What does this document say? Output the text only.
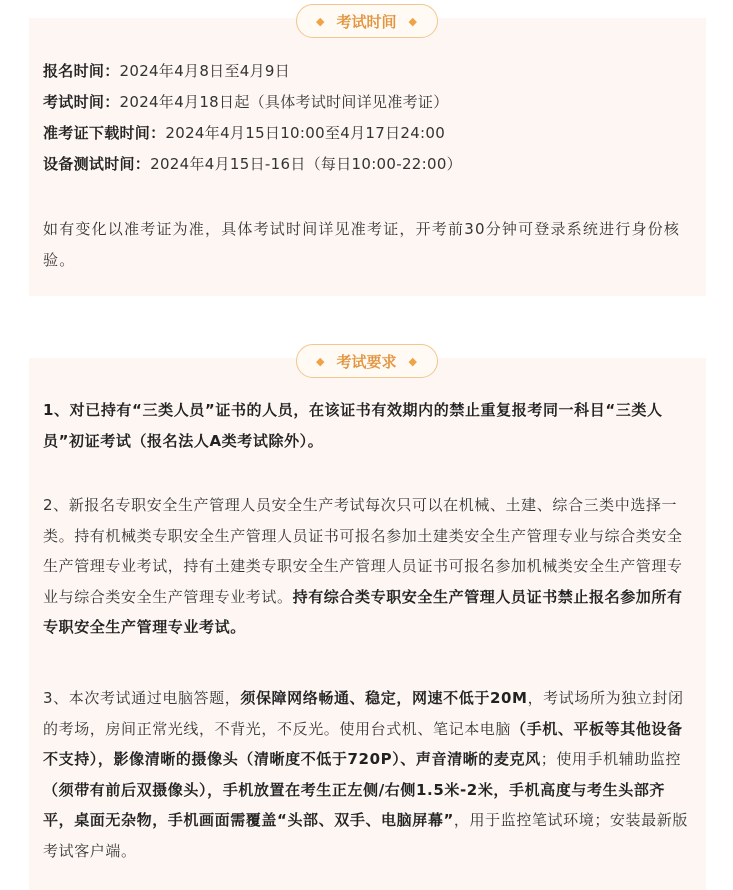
◆ 考试时间 ◆
报名时间：2024年4月8日至4月9日
考试时间：2024年4月18日起（具体考试时间详见准考证）
准考证下载时间：2024年4月15日10:00至4月17日24:00
设备测试时间：2024年4月15日-16日（每日10:00-22:00）

如有变化以准考证为准，具体考试时间详见准考证，开考前30分钟可登录系统进行身份核验。

◆ 考试要求 ◆

1、对已持有“三类人员”证书的人员，在该证书有效期内的禁止重复报考同一科目“三类人员”初证考试（报名法人A类考试除外）。

2、新报名专职安全生产管理人员安全生产考试每次只可以在机械、土建、综合三类中选择一类。持有机械类专职安全生产管理人员证书可报名参加土建类安全生产管理专业与综合类安全生产管理专业考试，持有土建类专职安全生产管理人员证书可报名参加机械类安全生产管理专业与综合类安全生产管理专业考试。持有综合类专职安全生产管理人员证书禁止报名参加所有专职安全生产管理专业考试。

3、本次考试通过电脑答题，须保障网络畅通、稳定，网速不低于20M，考试场所为独立封闭的考场，房间正常光线，不背光，不反光。使用台式机、笔记本电脑（手机、平板等其他设备不支持），影像清晰的摄像头（清晰度不低于720P）、声音清晰的麦克风；使用手机辅助监控（须带有前后双摄像头），手机放置在考生正左侧/右侧1.5米-2米，手机高度与考生头部齐平，桌面无杂物，手机画面需覆盖“头部、双手、电脑屏幕”，用于监控笔试环境；安装最新版考试客户端。
